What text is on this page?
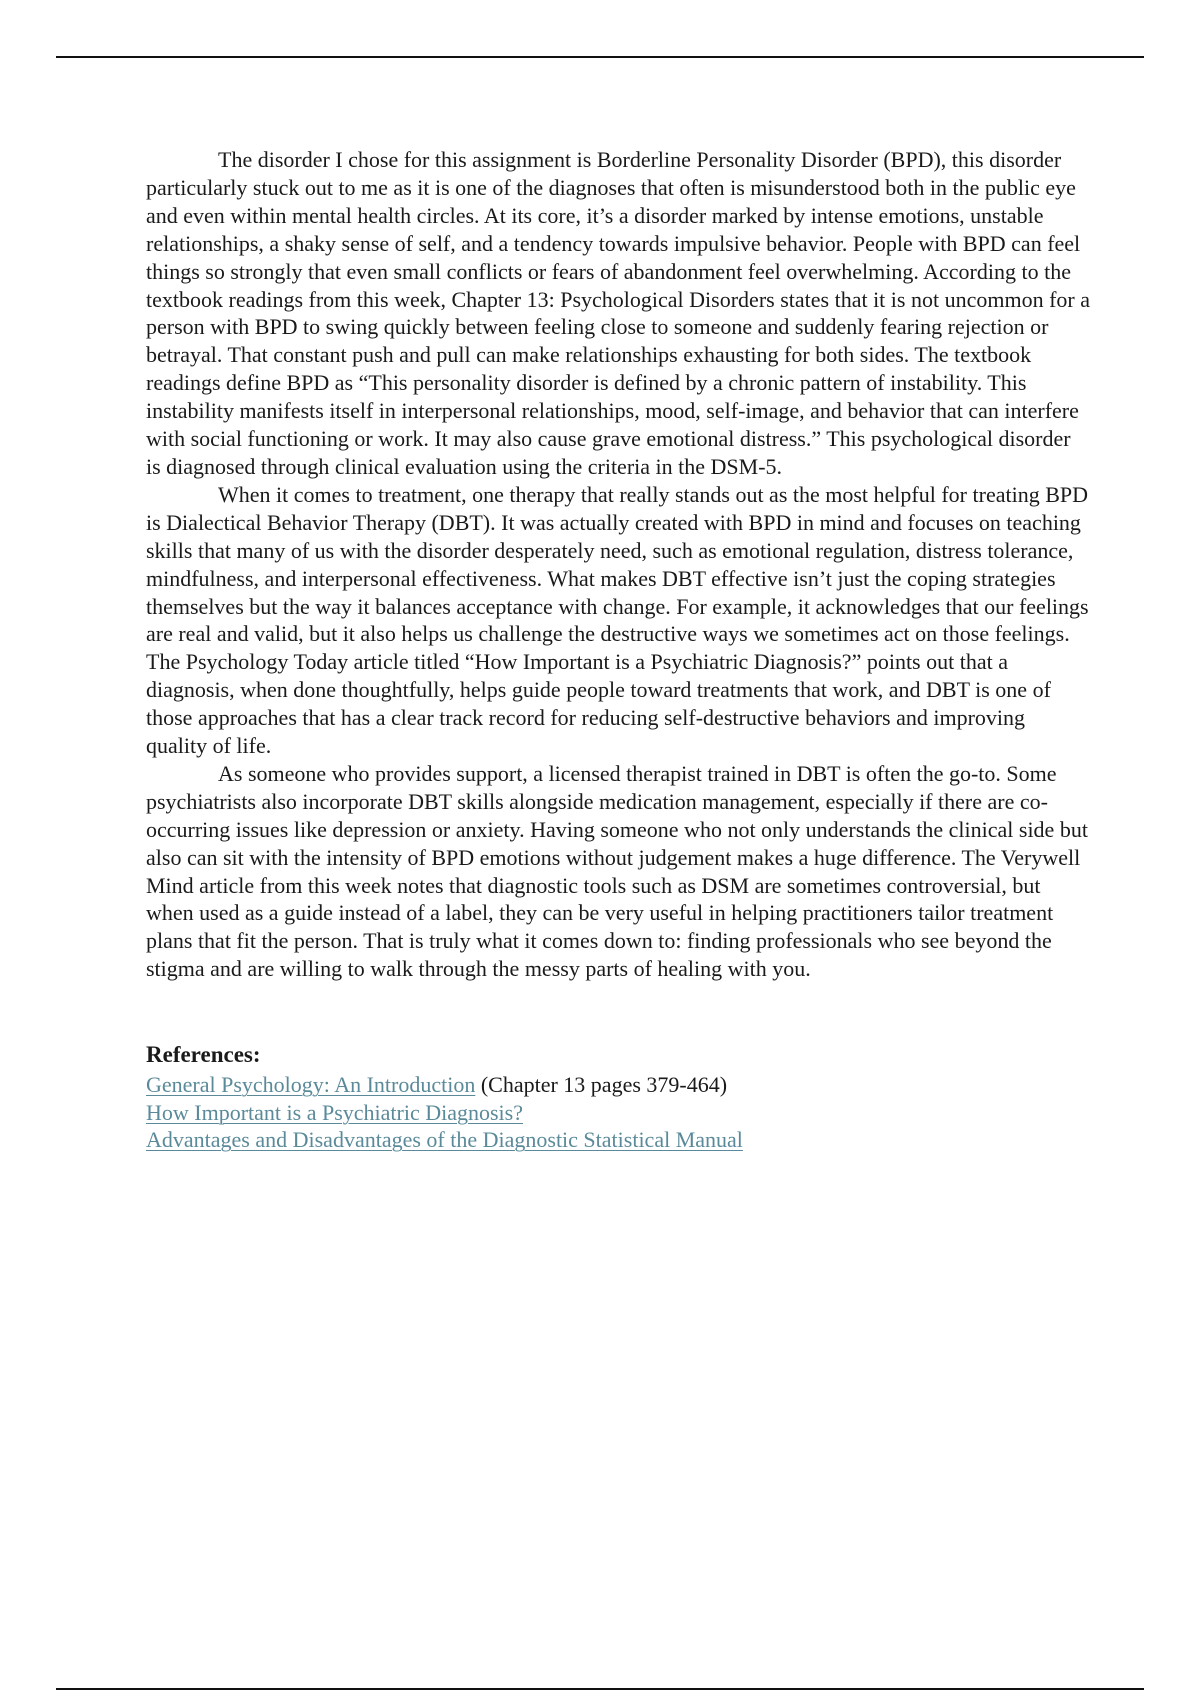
The disorder I chose for this assignment is Borderline Personality Disorder (BPD), this disorder particularly stuck out to me as it is one of the diagnoses that often is misunderstood both in the public eye and even within mental health circles. At its core, it’s a disorder marked by intense emotions, unstable relationships, a shaky sense of self, and a tendency towards impulsive behavior. People with BPD can feel things so strongly that even small conflicts or fears of abandonment feel overwhelming. According to the textbook readings from this week, Chapter 13: Psychological Disorders states that it is not uncommon for a person with BPD to swing quickly between feeling close to someone and suddenly fearing rejection or betrayal. That constant push and pull can make relationships exhausting for both sides. The textbook readings define BPD as “This personality disorder is defined by a chronic pattern of instability. This instability manifests itself in interpersonal relationships, mood, self-image, and behavior that can interfere with social functioning or work. It may also cause grave emotional distress.” This psychological disorder is diagnosed through clinical evaluation using the criteria in the DSM-5.

When it comes to treatment, one therapy that really stands out as the most helpful for treating BPD is Dialectical Behavior Therapy (DBT). It was actually created with BPD in mind and focuses on teaching skills that many of us with the disorder desperately need, such as emotional regulation, distress tolerance, mindfulness, and interpersonal effectiveness. What makes DBT effective isn’t just the coping strategies themselves but the way it balances acceptance with change. For example, it acknowledges that our feelings are real and valid, but it also helps us challenge the destructive ways we sometimes act on those feelings. The Psychology Today article titled “How Important is a Psychiatric Diagnosis?” points out that a diagnosis, when done thoughtfully, helps guide people toward treatments that work, and DBT is one of those approaches that has a clear track record for reducing self-destructive behaviors and improving quality of life.

As someone who provides support, a licensed therapist trained in DBT is often the go-to. Some psychiatrists also incorporate DBT skills alongside medication management, especially if there are co-occurring issues like depression or anxiety. Having someone who not only understands the clinical side but also can sit with the intensity of BPD emotions without judgement makes a huge difference. The Verywell Mind article from this week notes that diagnostic tools such as DSM are sometimes controversial, but when used as a guide instead of a label, they can be very useful in helping practitioners tailor treatment plans that fit the person. That is truly what it comes down to: finding professionals who see beyond the stigma and are willing to walk through the messy parts of healing with you.

References:

General Psychology: An Introduction (Chapter 13 pages 379-464)
How Important is a Psychiatric Diagnosis?
Advantages and Disadvantages of the Diagnostic Statistical Manual
